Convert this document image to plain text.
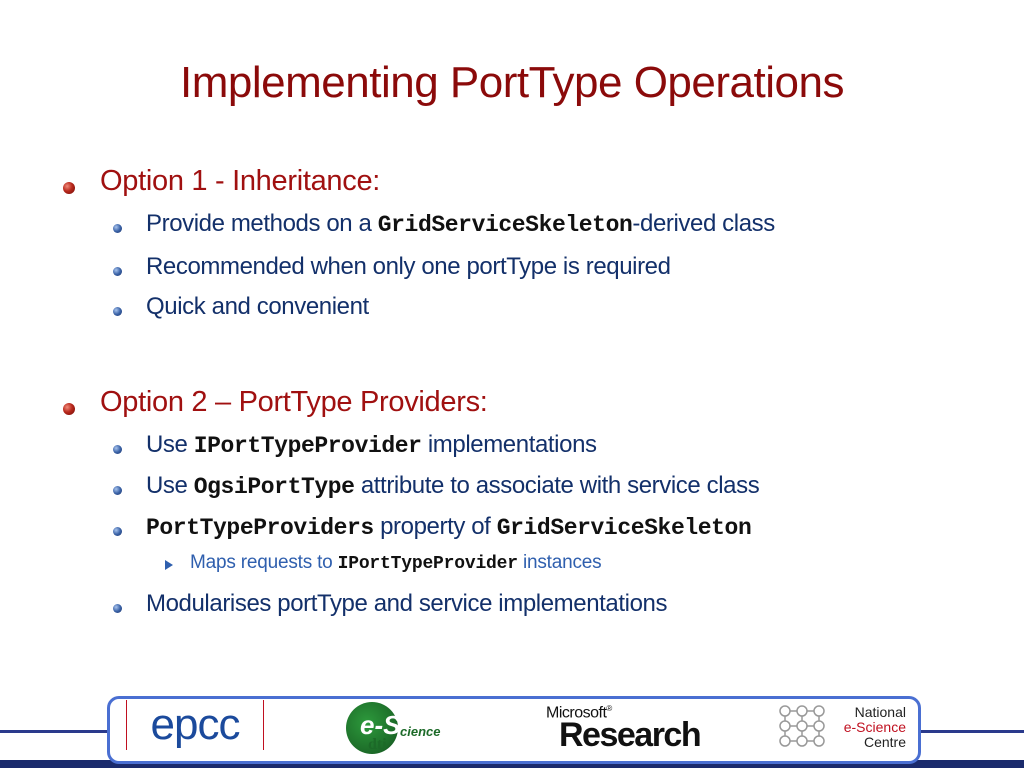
Implementing PortType Operations
Option 1 - Inheritance:
Provide methods on a GridServiceSkeleton-derived class
Recommended when only one portType is required
Quick and convenient
Option 2 – PortType Providers:
Use IPortTypeProvider implementations
Use OgsiPortType attribute to associate with service class
PortTypeProviders property of GridServiceSkeleton
Maps requests to IPortTypeProvider instances
Modularises portType and service implementations
epcc	e-S cience
dti
Microsoft®
Research
National
e-Science
Centre
